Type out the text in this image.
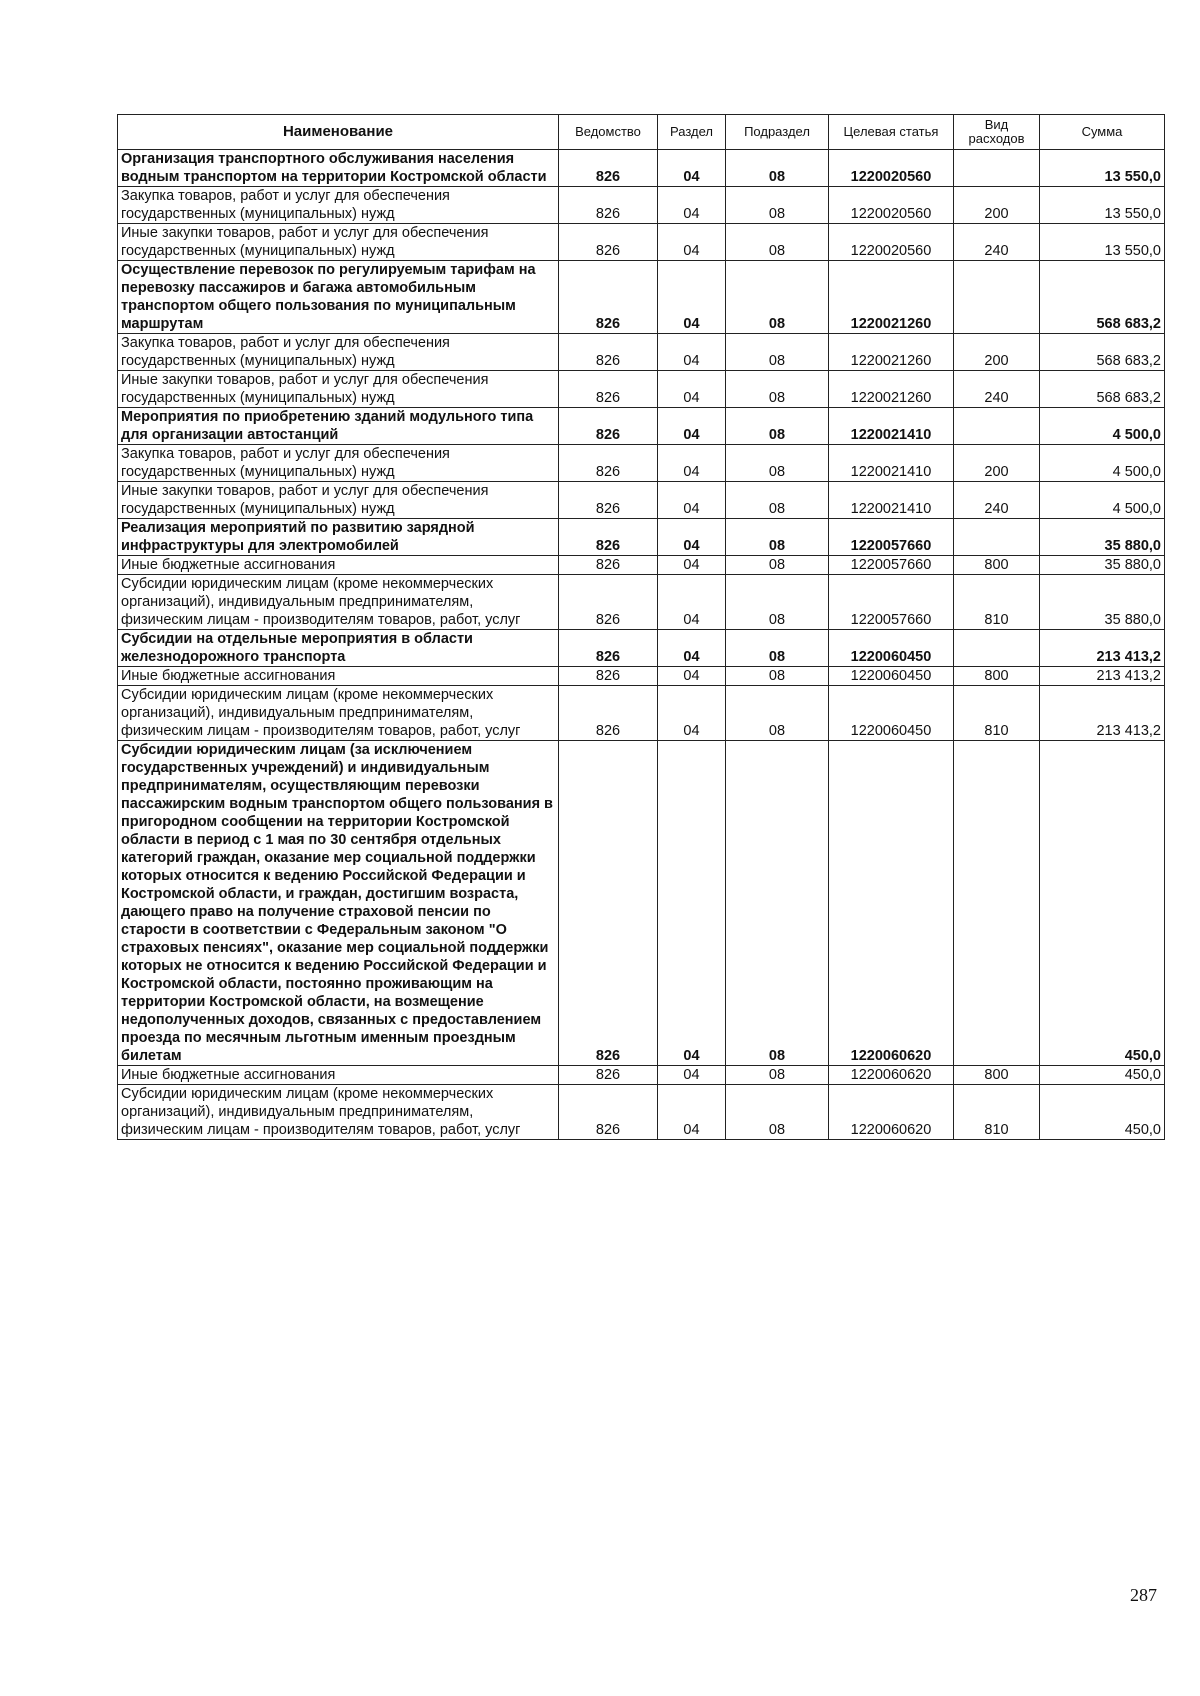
Наименование	Ведомство	Раздел	Подраздел	Целевая статья	Вид расходов	Сумма
Организация транспортного обслуживания населения водным транспортом на территории Костромской области	826	04	08	1220020560		13 550,0
Закупка товаров, работ и услуг для обеспечения государственных (муниципальных) нужд	826	04	08	1220020560	200	13 550,0
Иные закупки товаров, работ и услуг для обеспечения государственных (муниципальных) нужд	826	04	08	1220020560	240	13 550,0
Осуществление перевозок по регулируемым тарифам на перевозку пассажиров и багажа автомобильным транспортом общего пользования по муниципальным маршрутам	826	04	08	1220021260		568 683,2
Закупка товаров, работ и услуг для обеспечения государственных (муниципальных) нужд	826	04	08	1220021260	200	568 683,2
Иные закупки товаров, работ и услуг для обеспечения государственных (муниципальных) нужд	826	04	08	1220021260	240	568 683,2
Мероприятия по приобретению зданий модульного типа для организации автостанций	826	04	08	1220021410		4 500,0
Закупка товаров, работ и услуг для обеспечения государственных (муниципальных) нужд	826	04	08	1220021410	200	4 500,0
Иные закупки товаров, работ и услуг для обеспечения государственных (муниципальных) нужд	826	04	08	1220021410	240	4 500,0
Реализация мероприятий по развитию зарядной инфраструктуры для электромобилей	826	04	08	1220057660		35 880,0
Иные бюджетные ассигнования	826	04	08	1220057660	800	35 880,0
Субсидии юридическим лицам (кроме некоммерческих организаций), индивидуальным предпринимателям, физическим лицам - производителям товаров, работ, услуг	826	04	08	1220057660	810	35 880,0
Субсидии на отдельные мероприятия в области железнодорожного транспорта	826	04	08	1220060450		213 413,2
Иные бюджетные ассигнования	826	04	08	1220060450	800	213 413,2
Субсидии юридическим лицам (кроме некоммерческих организаций), индивидуальным предпринимателям, физическим лицам - производителям товаров, работ, услуг	826	04	08	1220060450	810	213 413,2
Субсидии юридическим лицам (за исключением государственных учреждений) и индивидуальным предпринимателям, осуществляющим перевозки пассажирским водным транспортом общего пользования в пригородном сообщении на территории Костромской области в период с 1 мая по 30 сентября отдельных категорий граждан, оказание мер социальной поддержки которых относится к ведению Российской Федерации и Костромской области, и граждан, достигшим возраста, дающего право на получение страховой пенсии по старости в соответствии с Федеральным законом "О страховых пенсиях", оказание мер социальной поддержки которых не относится к ведению Российской Федерации и Костромской области, постоянно проживающим на территории Костромской области, на возмещение недополученных доходов, связанных с предоставлением проезда по месячным льготным именным проездным билетам	826	04	08	1220060620		450,0
Иные бюджетные ассигнования	826	04	08	1220060620	800	450,0
Субсидии юридическим лицам (кроме некоммерческих организаций), индивидуальным предпринимателям, физическим лицам - производителям товаров, работ, услуг	826	04	08	1220060620	810	450,0
287
